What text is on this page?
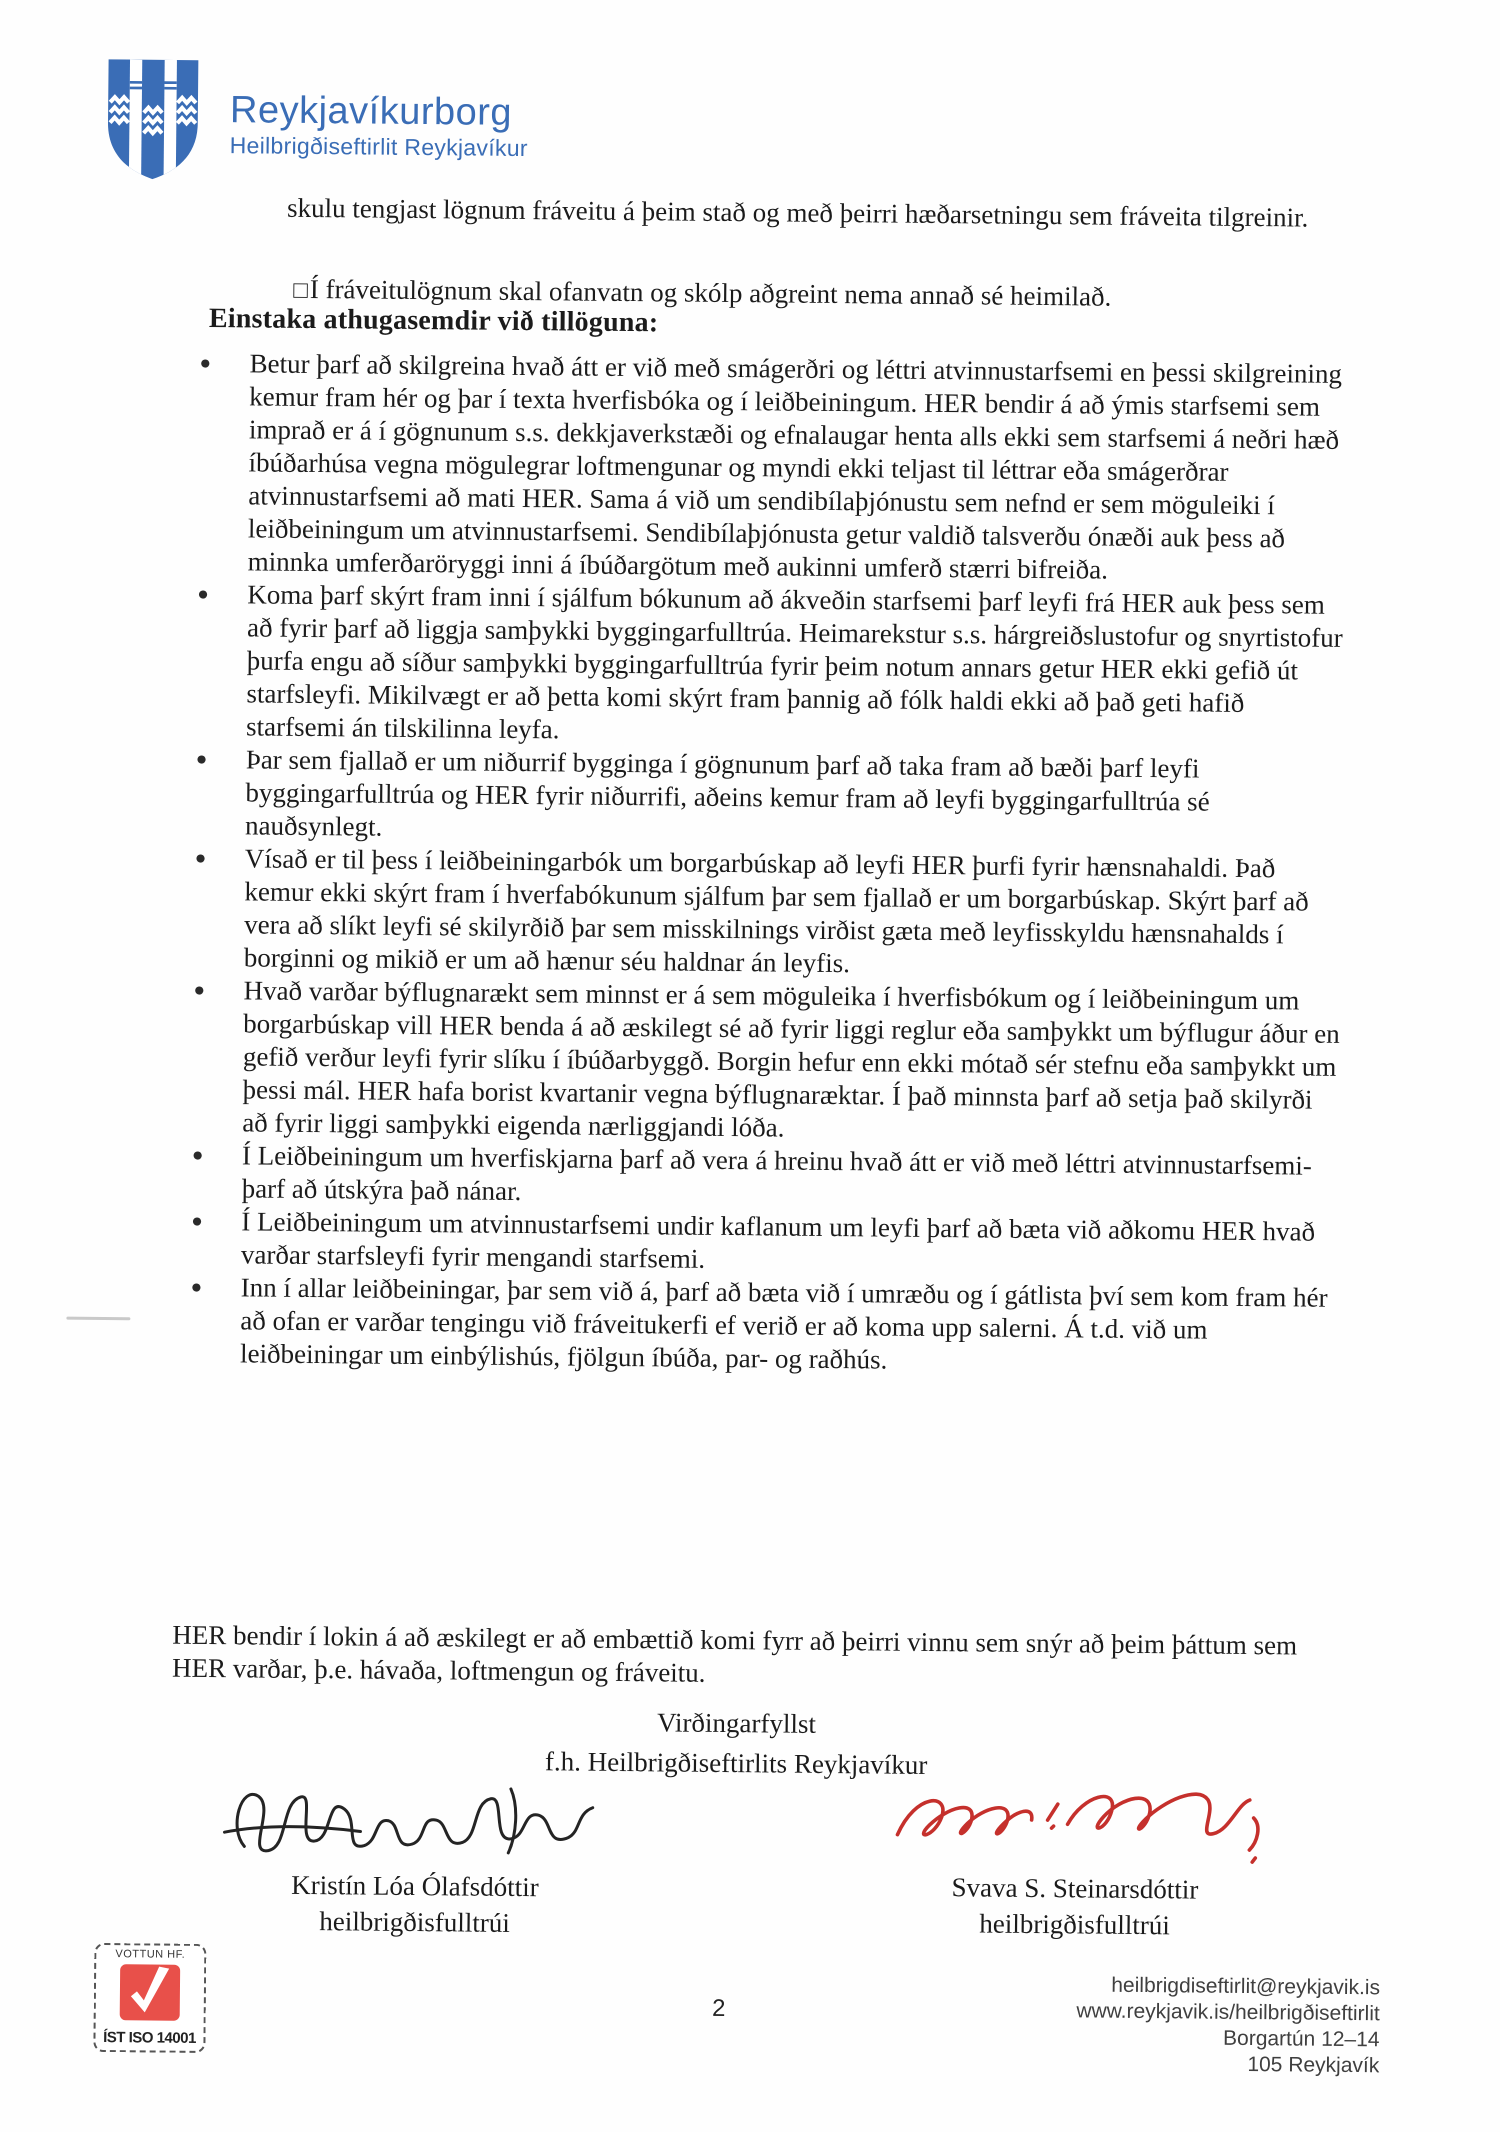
Reykjavíkurborg
Heilbrigðiseftirlit Reykjavíkur

skulu tengjast lögnum fráveitu á þeim stað og með þeirri hæðarsetningu sem fráveita tilgreinir.

□Í fráveitulögnum skal ofanvatn og skólp aðgreint nema annað sé heimilað.

Einstaka athugasemdir við tillöguna:
●	Betur þarf að skilgreina hvað átt er við með smágerðri og léttri atvinnustarfsemi en þessi skilgreining kemur fram hér og þar í texta hverfisbóka og í leiðbeiningum. HER bendir á að ýmis starfsemi sem imprað er á í gögnunum s.s. dekkjaverkstæði og efnalaugar henta alls ekki sem starfsemi á neðri hæð íbúðarhúsa vegna mögulegrar loftmengunar og myndi ekki teljast til léttrar eða smágerðrar atvinnustarfsemi að mati HER. Sama á við um sendibílaþjónustu sem nefnd er sem möguleiki í leiðbeiningum um atvinnustarfsemi. Sendibílaþjónusta getur valdið talsverðu ónæði auk þess að minnka umferðaröryggi inni á íbúðargötum með aukinni umferð stærri bifreiða.
●	Koma þarf skýrt fram inni í sjálfum bókunum að ákveðin starfsemi þarf leyfi frá HER auk þess sem að fyrir þarf að liggja samþykki byggingarfulltrúa. Heimarekstur s.s. hárgreiðslustofur og snyrtistofur þurfa engu að síður samþykki byggingarfulltrúa fyrir þeim notum annars getur HER ekki gefið út starfsleyfi. Mikilvægt er að þetta komi skýrt fram þannig að fólk haldi ekki að það geti hafið starfsemi án tilskilinna leyfa.
●	Þar sem fjallað er um niðurrif bygginga í gögnunum þarf að taka fram að bæði þarf leyfi byggingarfulltrúa og HER fyrir niðurrifi, aðeins kemur fram að leyfi byggingarfulltrúa sé nauðsynlegt.
●	Vísað er til þess í leiðbeiningarbók um borgarbúskap að leyfi HER þurfi fyrir hænsnahaldi. Það kemur ekki skýrt fram í hverfabókunum sjálfum þar sem fjallað er um borgarbúskap. Skýrt þarf að vera að slíkt leyfi sé skilyrðið þar sem misskilnings virðist gæta með leyfisskyldu hænsnahalds í borginni og mikið er um að hænur séu haldnar án leyfis.
●	Hvað varðar býflugnarækt sem minnst er á sem möguleika í hverfisbókum og í leiðbeiningum um borgarbúskap vill HER benda á að æskilegt sé að fyrir liggi reglur eða samþykkt um býflugur áður en gefið verður leyfi fyrir slíku í íbúðarbyggð. Borgin hefur enn ekki mótað sér stefnu eða samþykkt um þessi mál. HER hafa borist kvartanir vegna býflugnaræktar. Í það minnsta þarf að setja það skilyrði að fyrir liggi samþykki eigenda nærliggjandi lóða.
●	Í Leiðbeiningum um hverfiskjarna þarf að vera á hreinu hvað átt er við með léttri atvinnustarfsemi- þarf að útskýra það nánar.
●	Í Leiðbeiningum um atvinnustarfsemi undir kaflanum um leyfi þarf að bæta við aðkomu HER hvað varðar starfsleyfi fyrir mengandi starfsemi.
●	Inn í allar leiðbeiningar, þar sem við á, þarf að bæta við í umræðu og í gátlista því sem kom fram hér að ofan er varðar tengingu við fráveitukerfi ef verið er að koma upp salerni. Á t.d. við um leiðbeiningar um einbýlishús, fjölgun íbúða, par- og raðhús.

HER bendir í lokin á að æskilegt er að embættið komi fyrr að þeirri vinnu sem snýr að þeim þáttum sem HER varðar, þ.e. hávaða, loftmengun og fráveitu.

Virðingarfyllst
f.h. Heilbrigðiseftirlits Reykjavíkur
Kristín Lóa Ólafsdóttir
heilbrigðisfulltrúi
Svava S. Steinarsdóttir
heilbrigðisfulltrúi
VOTTUN HF.
ÍST ISO 14001
2
heilbrigdiseftirlit@reykjavik.is
www.reykjavik.is/heilbrigðiseftirlit
Borgartún 12–14
105 Reykjavík
